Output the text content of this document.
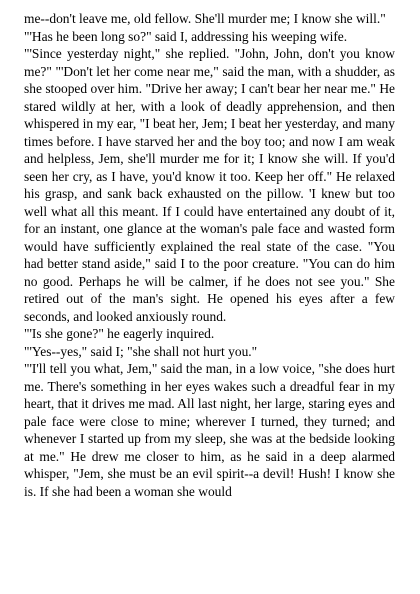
me--don't leave me, old fellow. She'll murder me; I know she will."

"'Has he been long so?" said I, addressing his weeping wife.

"'Since yesterday night," she replied. "John, John, don't you know me?" "'Don't let her come near me," said the man, with a shudder, as she stooped over him. "Drive her away; I can't bear her near me." He stared wildly at her, with a look of deadly apprehension, and then whispered in my ear, "I beat her, Jem; I beat her yesterday, and many times before. I have starved her and the boy too; and now I am weak and helpless, Jem, she'll murder me for it; I know she will. If you'd seen her cry, as I have, you'd know it too. Keep her off." He relaxed his grasp, and sank back exhausted on the pillow. 'I knew but too well what all this meant. If I could have entertained any doubt of it, for an instant, one glance at the woman's pale face and wasted form would have sufficiently explained the real state of the case. "You had better stand aside," said I to the poor creature. "You can do him no good. Perhaps he will be calmer, if he does not see you." She retired out of the man's sight. He opened his eyes after a few seconds, and looked anxiously round.

"'Is she gone?" he eagerly inquired.

"'Yes--yes," said I; "she shall not hurt you."

"'I'll tell you what, Jem," said the man, in a low voice, "she does hurt me. There's something in her eyes wakes such a dreadful fear in my heart, that it drives me mad. All last night, her large, staring eyes and pale face were close to mine; wherever I turned, they turned; and whenever I started up from my sleep, she was at the bedside looking at me." He drew me closer to him, as he said in a deep alarmed whisper, "Jem, she must be an evil spirit--a devil! Hush! I know she is. If she had been a woman she would
